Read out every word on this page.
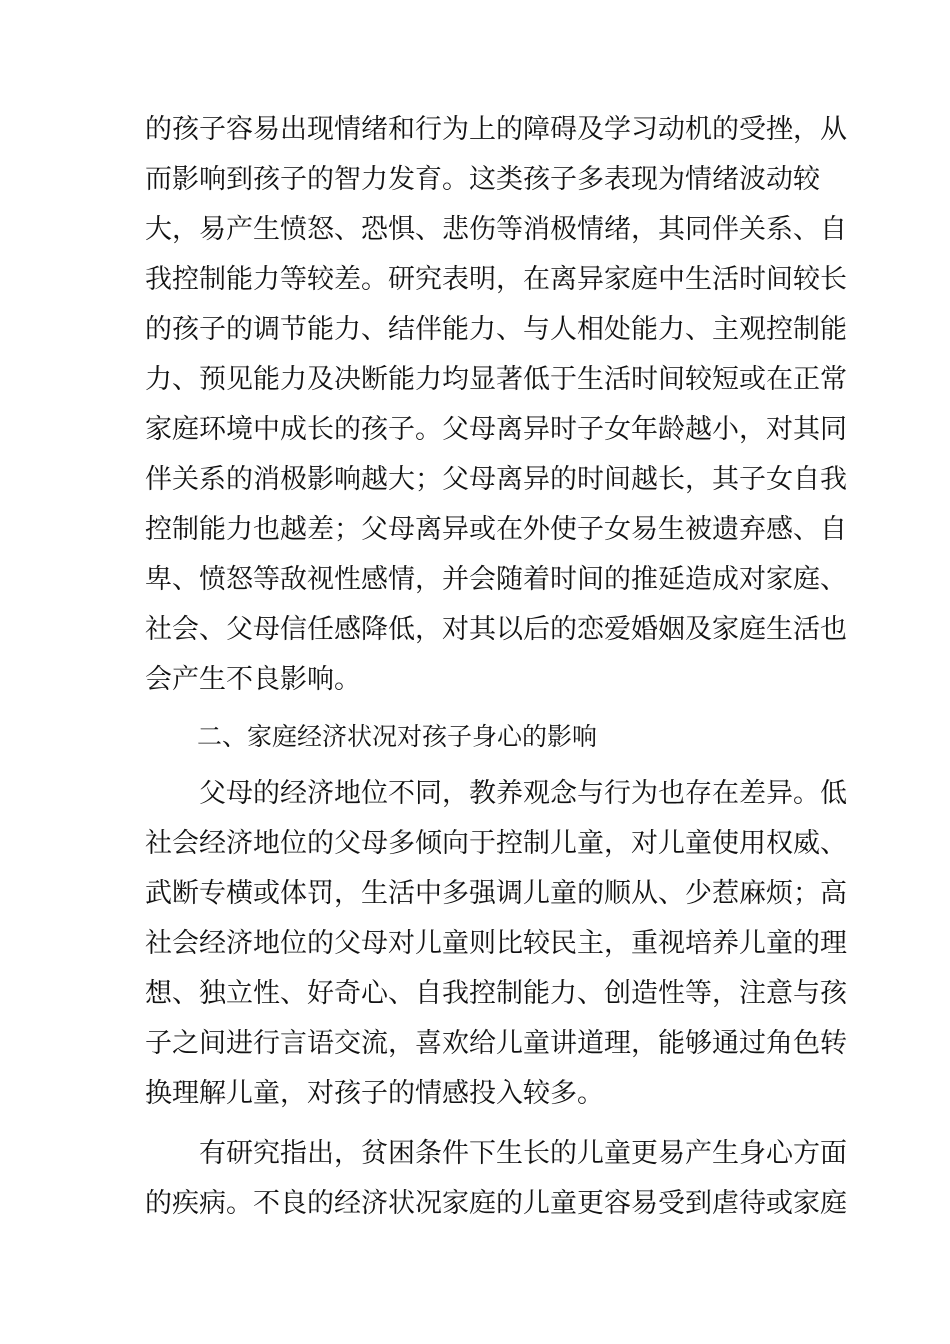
的孩子容易出现情绪和行为上的障碍及学习动机的受挫，从
而影响到孩子的智力发育。这类孩子多表现为情绪波动较
大，易产生愤怒、恐惧、悲伤等消极情绪，其同伴关系、自
我控制能力等较差。研究表明，在离异家庭中生活时间较长
的孩子的调节能力、结伴能力、与人相处能力、主观控制能
力、预见能力及决断能力均显著低于生活时间较短或在正常
家庭环境中成长的孩子。父母离异时子女年龄越小，对其同
伴关系的消极影响越大；父母离异的时间越长，其子女自我
控制能力也越差；父母离异或在外使子女易生被遗弃感、自
卑、愤怒等敌视性感情，并会随着时间的推延造成对家庭、
社会、父母信任感降低，对其以后的恋爱婚姻及家庭生活也
会产生不良影响。
二、家庭经济状况对孩子身心的影响
父母的经济地位不同，教养观念与行为也存在差异。低
社会经济地位的父母多倾向于控制儿童，对儿童使用权威、
武断专横或体罚，生活中多强调儿童的顺从、少惹麻烦；高
社会经济地位的父母对儿童则比较民主，重视培养儿童的理
想、独立性、好奇心、自我控制能力、创造性等，注意与孩
子之间进行言语交流，喜欢给儿童讲道理，能够通过角色转
换理解儿童，对孩子的情感投入较多。
有研究指出，贫困条件下生长的儿童更易产生身心方面
的疾病。不良的经济状况家庭的儿童更容易受到虐待或家庭
